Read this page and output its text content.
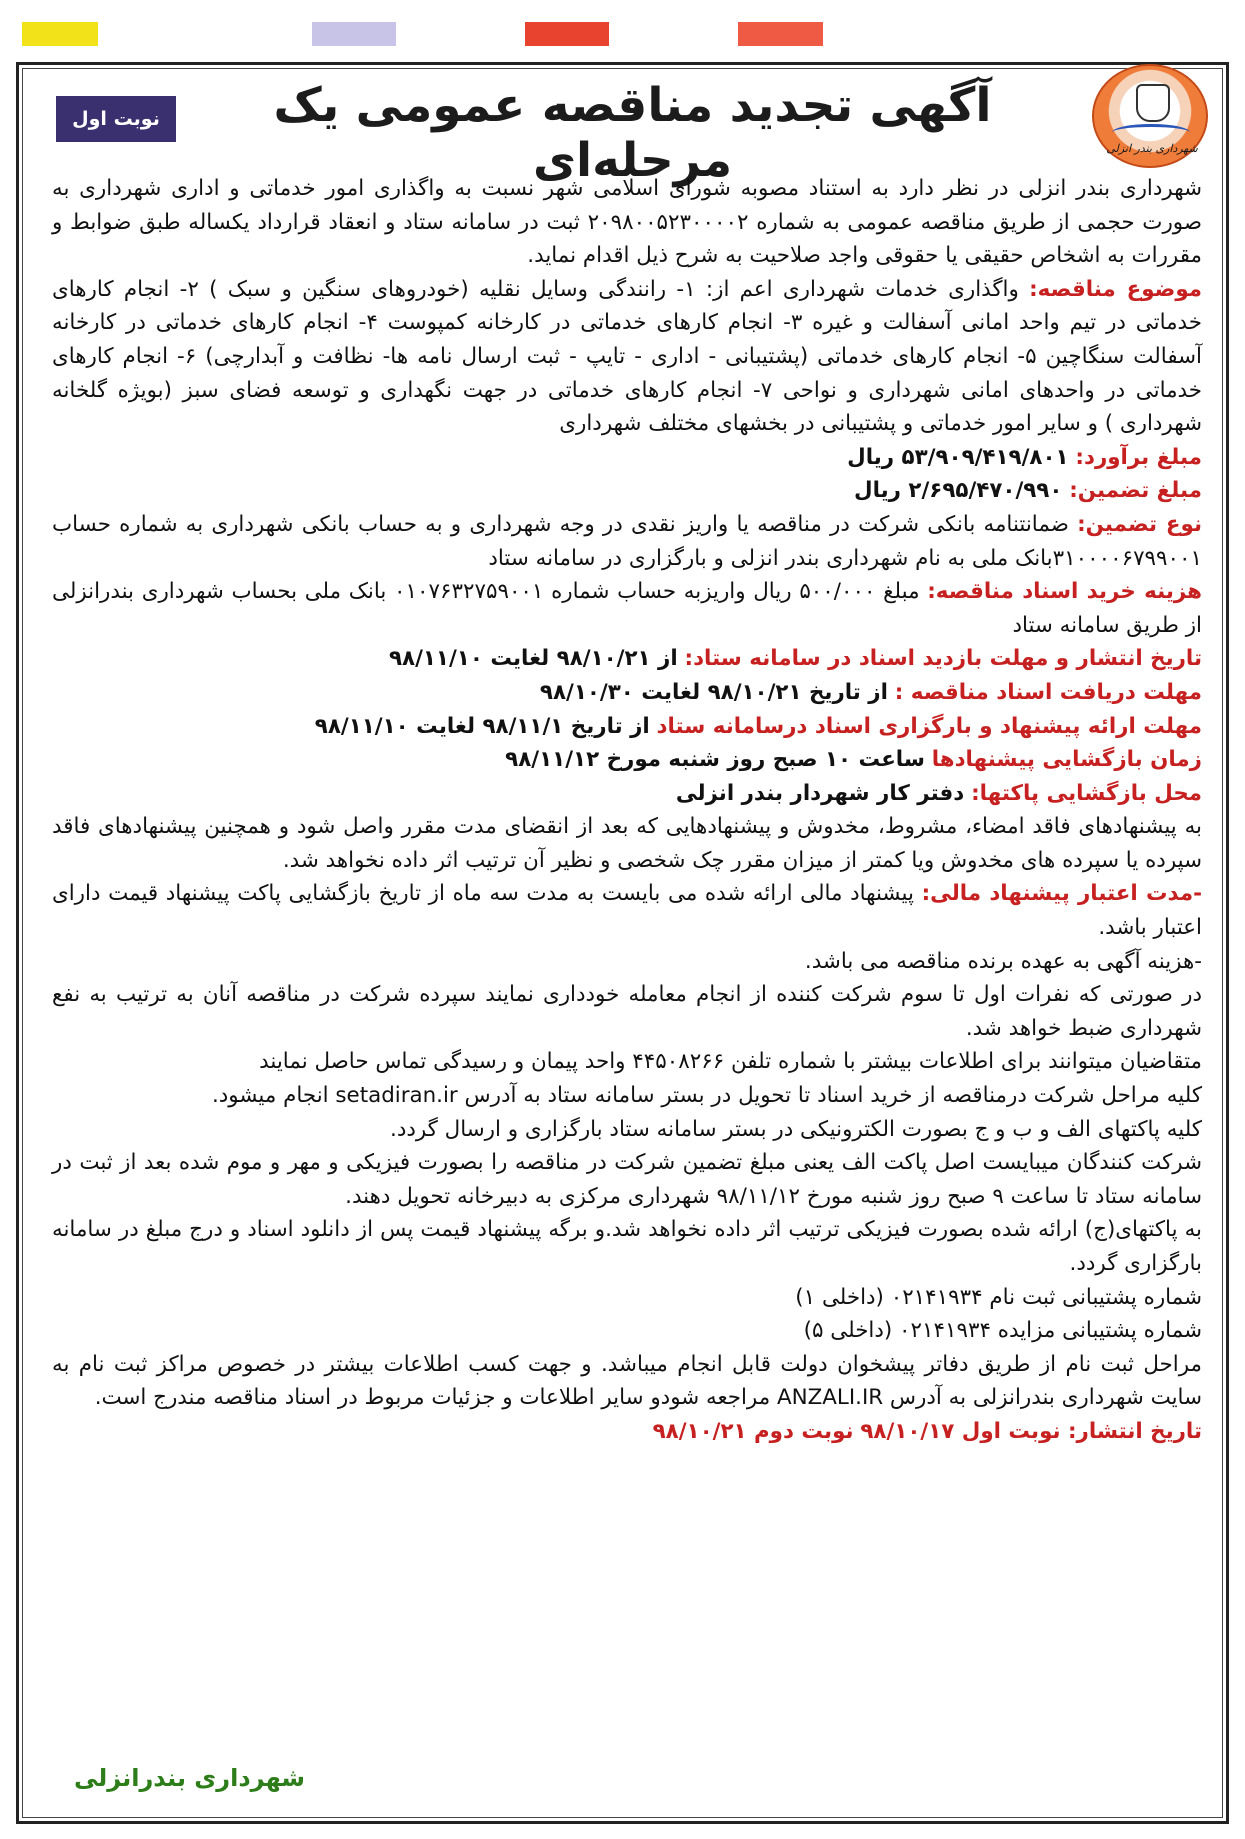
شهرداری بندر انزلی
آگهی تجدید مناقصه عمومی یک مرحله‌ای
نوبت اول

شهرداری بندر انزلی در نظر دارد به استناد مصوبه شورای اسلامی شهر نسبت به واگذاری امور خدماتی و اداری شهرداری به صورت حجمی از طریق مناقصه عمومی به شماره ۲۰۹۸۰۰۵۲۳۰۰۰۰۲ ثبت در سامانه ستاد و انعقاد قرارداد یکساله طبق ضوابط و مقررات به اشخاص حقیقی یا حقوقی واجد صلاحیت به شرح ذیل اقدام نماید.

موضوع مناقصه: واگذاری خدمات شهرداری اعم از: ۱- رانندگی وسایل نقلیه (خودروهای سنگین و سبک ) ۲- انجام کارهای خدماتی در تیم واحد امانی آسفالت و غیره ۳- انجام کارهای خدماتی در کارخانه کمپوست ۴- انجام کارهای خدماتی در کارخانه آسفالت سنگاچین ۵- انجام کارهای خدماتی (پشتیبانی - اداری - تایپ - ثبت ارسال نامه ها- نظافت و آبدارچی) ۶- انجام کارهای خدماتی در واحدهای امانی شهرداری و نواحی ۷- انجام کارهای خدماتی در جهت نگهداری و توسعه فضای سبز (بویژه گلخانه شهرداری ) و سایر امور خدماتی و پشتیبانی در بخشهای مختلف شهرداری

مبلغ برآورد: ۵۳/۹۰۹/۴۱۹/۸۰۱ ریال

مبلغ تضمین: ۲/۶۹۵/۴۷۰/۹۹۰ ریال

نوع تضمین: ضمانتنامه بانکی شرکت در مناقصه یا واریز نقدی در وجه شهرداری و به حساب بانکی شهرداری به شماره حساب ۳۱۰۰۰۰۶۷۹۹۰۰۱بانک ملی به نام شهرداری بندر انزلی و بارگزاری در سامانه ستاد

هزینه خرید اسناد مناقصه: مبلغ ۵۰۰/۰۰۰ ریال واریزبه حساب شماره ۰۱۰۷۶۳۲۷۵۹۰۰۱ بانک ملی بحساب شهرداری بندرانزلی از طریق سامانه ستاد

تاریخ انتشار و مهلت بازدید اسناد در سامانه ستاد: از ۹۸/۱۰/۲۱ لغایت ۹۸/۱۱/۱۰

مهلت دریافت اسناد مناقصه : از تاریخ ۹۸/۱۰/۲۱ لغایت ۹۸/۱۰/۳۰

مهلت ارائه پیشنهاد و بارگزاری اسناد درسامانه ستاد از تاریخ ۹۸/۱۱/۱ لغایت ۹۸/۱۱/۱۰

زمان بازگشایی پیشنهادها ساعت ۱۰ صبح روز شنبه مورخ ۹۸/۱۱/۱۲

محل بازگشایی پاکتها: دفتر کار شهردار بندر انزلی

به پیشنهادهای فاقد امضاء، مشروط، مخدوش و پیشنهادهایی که بعد از انقضای مدت مقرر واصل شود و همچنین پیشنهادهای فاقد سپرده یا سپرده های مخدوش ویا کمتر از میزان مقرر چک شخصی و نظیر آن ترتیب اثر داده نخواهد شد.

-مدت اعتبار پیشنهاد مالی: پیشنهاد مالی ارائه شده می بایست به مدت سه ماه از تاریخ بازگشایی پاکت پیشنهاد قیمت دارای اعتبار باشد.

-هزینه آگهی به عهده برنده مناقصه می باشد.

در صورتی که نفرات اول تا سوم شرکت کننده از انجام معامله خودداری نمایند سپرده شرکت در مناقصه آنان به ترتیب به نفع شهرداری ضبط خواهد شد.

متقاضیان میتوانند برای اطلاعات بیشتر با شماره تلفن ۴۴۵۰۸۲۶۶ واحد پیمان و رسیدگی تماس حاصل نمایند

کلیه مراحل شرکت درمناقصه از خرید اسناد تا تحویل در بستر سامانه ستاد به آدرس setadiran.ir انجام میشود.

کلیه پاکتهای الف و ب و ج بصورت الکترونیکی در بستر سامانه ستاد بارگزاری و ارسال گردد.

شرکت کنندگان میبایست اصل پاکت الف یعنی مبلغ تضمین شرکت در مناقصه را بصورت فیزیکی و مهر و موم شده بعد از ثبت در سامانه ستاد تا ساعت ۹ صبح روز شنبه مورخ ۹۸/۱۱/۱۲ شهرداری مرکزی به دبیرخانه تحویل دهند.

به پاکتهای(ج) ارائه شده بصورت فیزیکی ترتیب اثر داده نخواهد شد.و برگه پیشنهاد قیمت پس از دانلود اسناد و درج مبلغ در سامانه بارگزاری گردد.

شماره پشتیبانی ثبت نام ۰۲۱۴۱۹۳۴ (داخلی ۱)

شماره پشتیبانی مزایده ۰۲۱۴۱۹۳۴ (داخلی ۵)

مراحل ثبت نام از طریق دفاتر پیشخوان دولت قابل انجام میباشد. و جهت کسب اطلاعات بیشتر در خصوص مراکز ثبت نام به سایت شهرداری بندرانزلی به آدرس ANZALI.IR مراجعه شودو سایر اطلاعات و جزئیات مربوط در اسناد مناقصه مندرج است.

تاریخ انتشار: نوبت اول ۹۸/۱۰/۱۷ نوبت دوم ۹۸/۱۰/۲۱

شهرداری بندرانزلی
